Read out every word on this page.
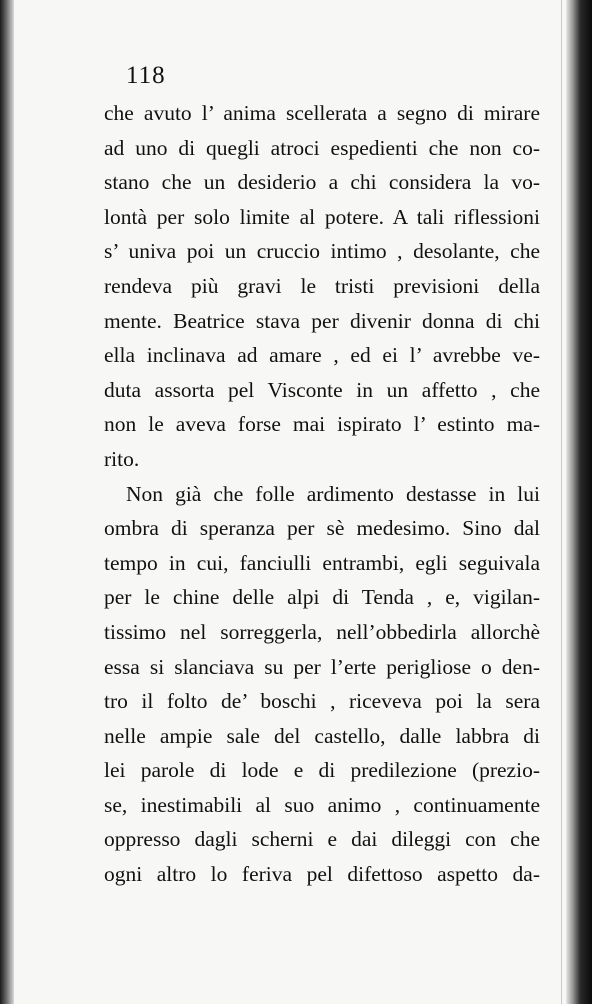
118
che avuto l’ anima scellerata a segno di mirare
ad uno di quegli atroci espedienti che non co-
stano che un desiderio a chi considera la vo-
lontà per solo limite al potere. A tali riflessioni
s’ univa poi un cruccio intimo , desolante, che
rendeva più gravi le tristi previsioni della
mente. Beatrice stava per divenir donna di chi
ella inclinava ad amare , ed ei l’ avrebbe ve-
duta assorta pel Visconte in un affetto , che
non le aveva forse mai ispirato l’ estinto ma-
rito.
Non già che folle ardimento destasse in lui
ombra di speranza per sè medesimo. Sino dal
tempo in cui, fanciulli entrambi, egli seguivala
per le chine delle alpi di Tenda , e, vigilan-
tissimo nel sorreggerla, nell’obbedirla allorchè
essa si slanciava su per l’erte perigliose o den-
tro il folto de’ boschi , riceveva poi la sera
nelle ampie sale del castello, dalle labbra di
lei parole di lode e di predilezione (prezio-
se, inestimabili al suo animo , continuamente
oppresso dagli scherni e dai dileggi con che
ogni altro lo feriva pel difettoso aspetto da-
